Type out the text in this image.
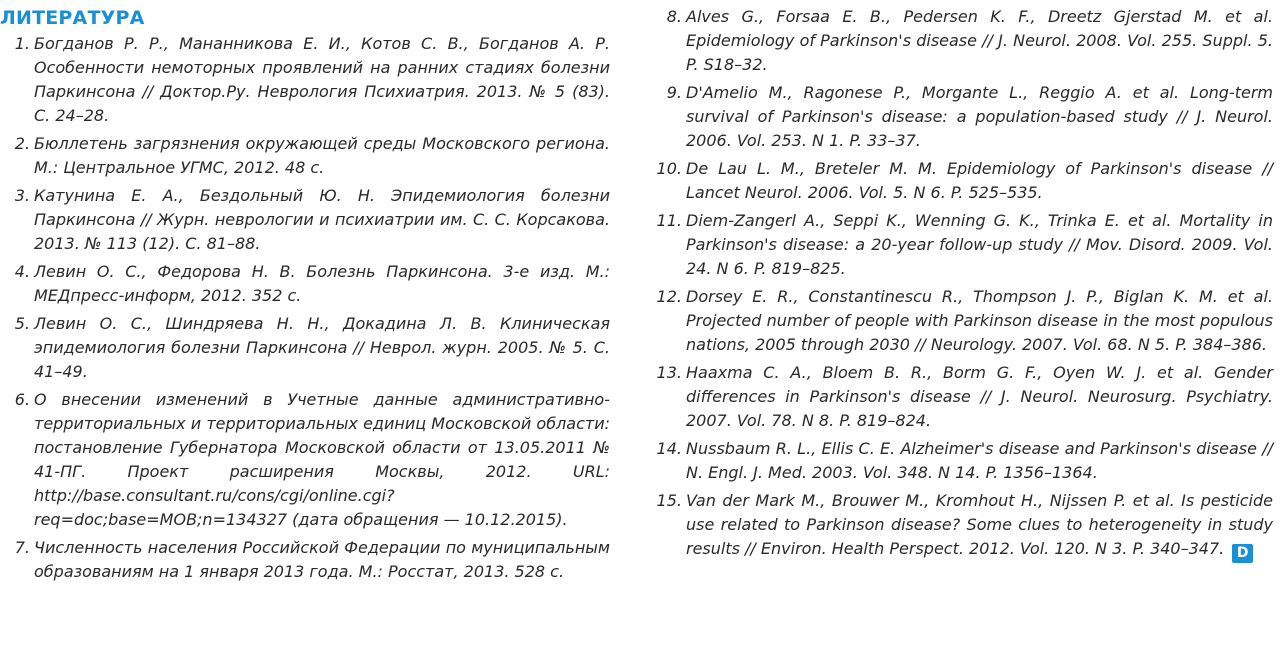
ЛИТЕРАТУРА
1. Богданов Р. Р., Мананникова Е. И., Котов С. В., Богданов А. Р. Особенности немоторных проявлений на ранних стадиях болезни Паркинсона // Доктор.Ру. Неврология Психиатрия. 2013. № 5 (83). С. 24–28.
2. Бюллетень загрязнения окружающей среды Московского региона. М.: Центральное УГМС, 2012. 48 с.
3. Катунина Е. А., Бездольный Ю. Н. Эпидемиология болезни Паркинсона // Журн. неврологии и психиатрии им. С. С. Корсакова. 2013. № 113 (12). С. 81–88.
4. Левин О. С., Федорова Н. В. Болезнь Паркинсона. 3-е изд. М.: МЕДпресс-информ, 2012. 352 с.
5. Левин О. С., Шиндряева Н. Н., Докадина Л. В. Клиническая эпидемиология болезни Паркинсона // Неврол. журн. 2005. № 5. С. 41–49.
6. О внесении изменений в Учетные данные административно-территориальных и территориальных единиц Московской области: постановление Губернатора Московской области от 13.05.2011 № 41-ПГ. Проект расширения Москвы, 2012. URL: http://base.consultant.ru/cons/cgi/online.cgi?req=doc;base=MOB;n=134327 (дата обращения — 10.12.2015).
7. Численность населения Российской Федерации по муниципальным образованиям на 1 января 2013 года. М.: Росстат, 2013. 528 с.
8. Alves G., Forsaa E. B., Pedersen K. F., Dreetz Gjerstad M. et al. Epidemiology of Parkinson's disease // J. Neurol. 2008. Vol. 255. Suppl. 5. P. S18–32.
9. D'Amelio M., Ragonese P., Morgante L., Reggio A. et al. Long-term survival of Parkinson's disease: a population-based study // J. Neurol. 2006. Vol. 253. N 1. P. 33–37.
10. De Lau L. M., Breteler M. M. Epidemiology of Parkinson's disease // Lancet Neurol. 2006. Vol. 5. N 6. P. 525–535.
11. Diem-Zangerl A., Seppi K., Wenning G. K., Trinka E. et al. Mortality in Parkinson's disease: a 20-year follow-up study // Mov. Disord. 2009. Vol. 24. N 6. P. 819–825.
12. Dorsey E. R., Constantinescu R., Thompson J. P., Biglan K. M. et al. Projected number of people with Parkinson disease in the most populous nations, 2005 through 2030 // Neurology. 2007. Vol. 68. N 5. P. 384–386.
13. Haaxma C. A., Bloem B. R., Borm G. F., Oyen W. J. et al. Gender differences in Parkinson's disease // J. Neurol. Neurosurg. Psychiatry. 2007. Vol. 78. N 8. P. 819–824.
14. Nussbaum R. L., Ellis C. E. Alzheimer's disease and Parkinson's disease // N. Engl. J. Med. 2003. Vol. 348. N 14. P. 1356–1364.
15. Van der Mark M., Brouwer M., Kromhout H., Nijssen P. et al. Is pesticide use related to Parkinson disease? Some clues to heterogeneity in study results // Environ. Health Perspect. 2012. Vol. 120. N 3. P. 340–347. D
